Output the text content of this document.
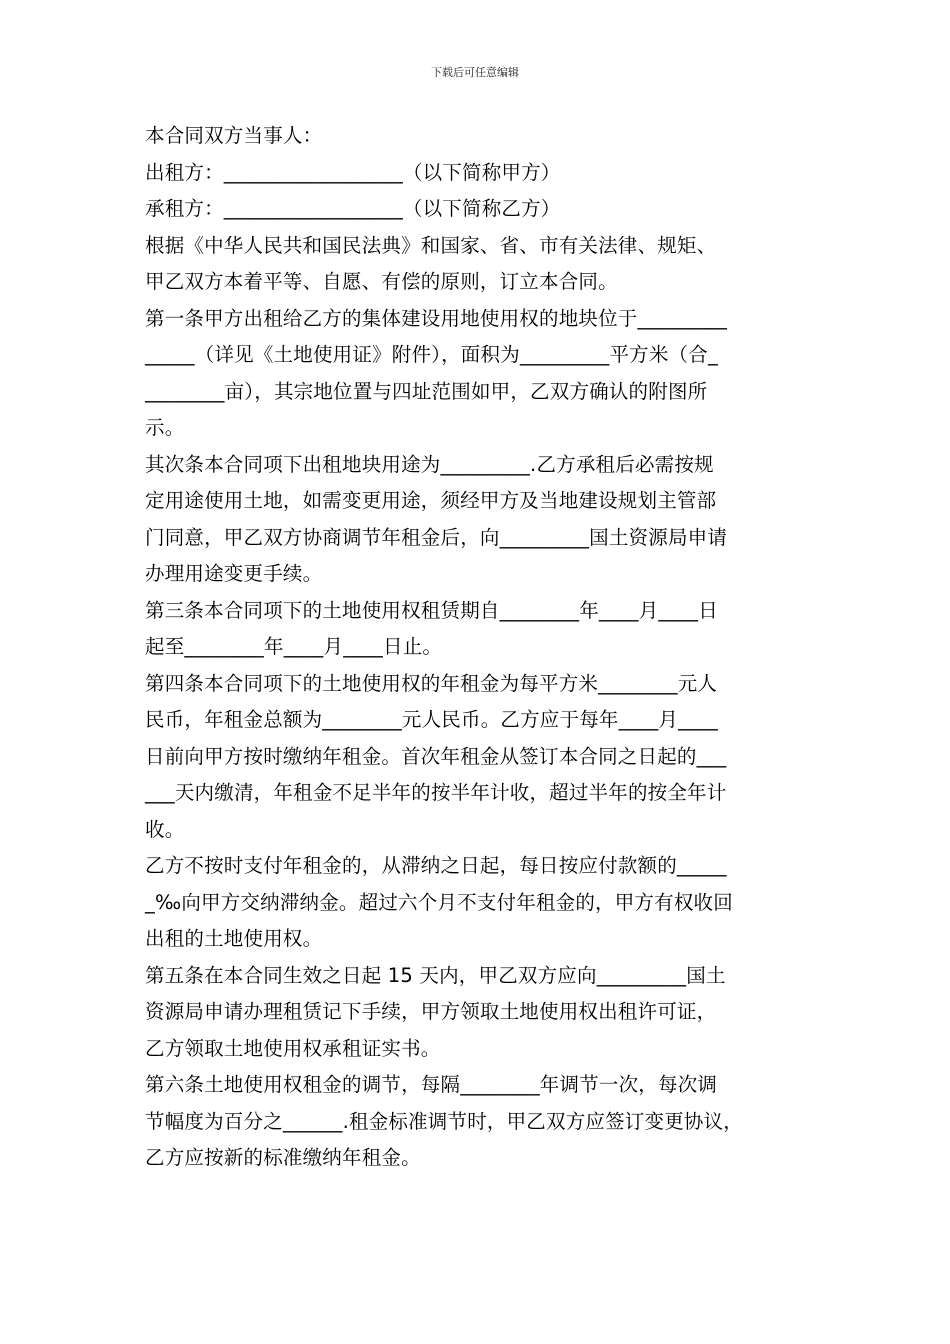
下载后可任意编辑
本合同双方当事人：
出租方：__________________（以下简称甲方）
承租方：__________________（以下简称乙方）
根据《中华人民共和国民法典》和国家、省、市有关法律、规矩、
甲乙双方本着平等、自愿、有偿的原则，订立本合同。
第一条甲方出租给乙方的集体建设用地使用权的地块位于_________
_____（详见《土地使用证》附件），面积为_________平方米（合_
________亩），其宗地位置与四址范围如甲，乙双方确认的附图所
示。
其次条本合同项下出租地块用途为_________.乙方承租后必需按规
定用途使用土地，如需变更用途，须经甲方及当地建设规划主管部
门同意，甲乙双方协商调节年租金后，向_________国土资源局申请
办理用途变更手续。
第三条本合同项下的土地使用权租赁期自________年____月____日
起至________年____月____日止。
第四条本合同项下的土地使用权的年租金为每平方米________元人
民币，年租金总额为________元人民币。乙方应于每年____月____
日前向甲方按时缴纳年租金。首次年租金从签订本合同之日起的___
___天内缴清，年租金不足半年的按半年计收，超过半年的按全年计
收。
乙方不按时支付年租金的，从滞纳之日起，每日按应付款额的_____
_‰向甲方交纳滞纳金。超过六个月不支付年租金的，甲方有权收回
出租的土地使用权。
第五条在本合同生效之日起 15 天内，甲乙双方应向_________国土
资源局申请办理租赁记下手续，甲方领取土地使用权出租许可证，
乙方领取土地使用权承租证实书。
第六条土地使用权租金的调节，每隔________年调节一次，每次调
节幅度为百分之______.租金标准调节时，甲乙双方应签订变更协议，
乙方应按新的标准缴纳年租金。
